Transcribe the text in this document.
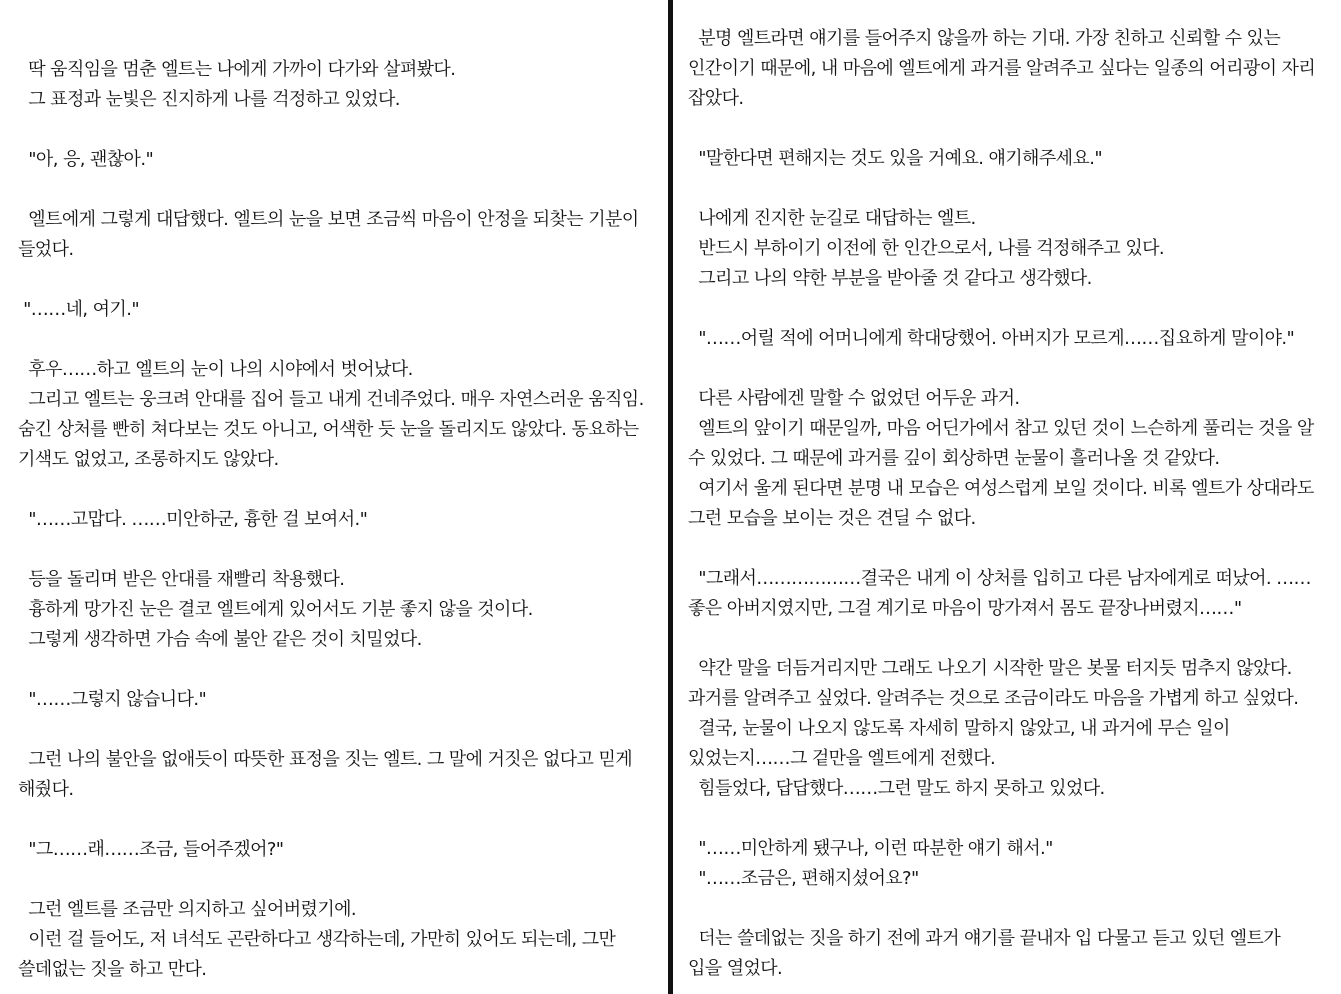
딱 움직임을 멈춘 엘트는 나에게 가까이 다가와 살펴봤다.
그 표정과 눈빛은 진지하게 나를 걱정하고 있었다.
"아, 응, 괜찮아."
엘트에게 그렇게 대답했다. 엘트의 눈을 보면 조금씩 마음이 안정을 되찾는 기분이
들었다.
"……네, 여기."
후우……하고 엘트의 눈이 나의 시야에서 벗어났다.
그리고 엘트는 웅크려 안대를 집어 들고 내게 건네주었다. 매우 자연스러운 움직임.
숨긴 상처를 빤히 쳐다보는 것도 아니고, 어색한 듯 눈을 돌리지도 않았다. 동요하는
기색도 없었고, 조롱하지도 않았다.
"……고맙다. ……미안하군, 흉한 걸 보여서."
등을 돌리며 받은 안대를 재빨리 착용했다.
흉하게 망가진 눈은 결코 엘트에게 있어서도 기분 좋지 않을 것이다.
그렇게 생각하면 가슴 속에 불안 같은 것이 치밀었다.
"……그렇지 않습니다."
그런 나의 불안을 없애듯이 따뜻한 표정을 짓는 엘트. 그 말에 거짓은 없다고 믿게
해줬다.
"그……래……조금, 들어주겠어?"
그런 엘트를 조금만 의지하고 싶어버렸기에.
이런 걸 들어도, 저 녀석도 곤란하다고 생각하는데, 가만히 있어도 되는데, 그만
쓸데없는 짓을 하고 만다.
분명 엘트라면 얘기를 들어주지 않을까 하는 기대. 가장 친하고 신뢰할 수 있는
인간이기 때문에, 내 마음에 엘트에게 과거를 알려주고 싶다는 일종의 어리광이 자리
잡았다.
"말한다면 편해지는 것도 있을 거예요. 얘기해주세요."
나에게 진지한 눈길로 대답하는 엘트.
반드시 부하이기 이전에 한 인간으로서, 나를 걱정해주고 있다.
그리고 나의 약한 부분을 받아줄 것 같다고 생각했다.
"……어릴 적에 어머니에게 학대당했어. 아버지가 모르게……집요하게 말이야."
다른 사람에겐 말할 수 없었던 어두운 과거.
엘트의 앞이기 때문일까, 마음 어딘가에서 참고 있던 것이 느슨하게 풀리는 것을 알
수 있었다. 그 때문에 과거를 깊이 회상하면 눈물이 흘러나올 것 같았다.
여기서 울게 된다면 분명 내 모습은 여성스럽게 보일 것이다. 비록 엘트가 상대라도
그런 모습을 보이는 것은 견딜 수 없다.
"그래서………………결국은 내게 이 상처를 입히고 다른 남자에게로 떠났어. ……
좋은 아버지였지만, 그걸 계기로 마음이 망가져서 몸도 끝장나버렸지……"
약간 말을 더듬거리지만 그래도 나오기 시작한 말은 봇물 터지듯 멈추지 않았다.
과거를 알려주고 싶었다. 알려주는 것으로 조금이라도 마음을 가볍게 하고 싶었다.
결국, 눈물이 나오지 않도록 자세히 말하지 않았고, 내 과거에 무슨 일이
있었는지……그 겉만을 엘트에게 전했다.
힘들었다, 답답했다……그런 말도 하지 못하고 있었다.
"……미안하게 됐구나, 이런 따분한 얘기 해서."
"……조금은, 편해지셨어요?"
더는 쓸데없는 짓을 하기 전에 과거 얘기를 끝내자 입 다물고 듣고 있던 엘트가
입을 열었다.
